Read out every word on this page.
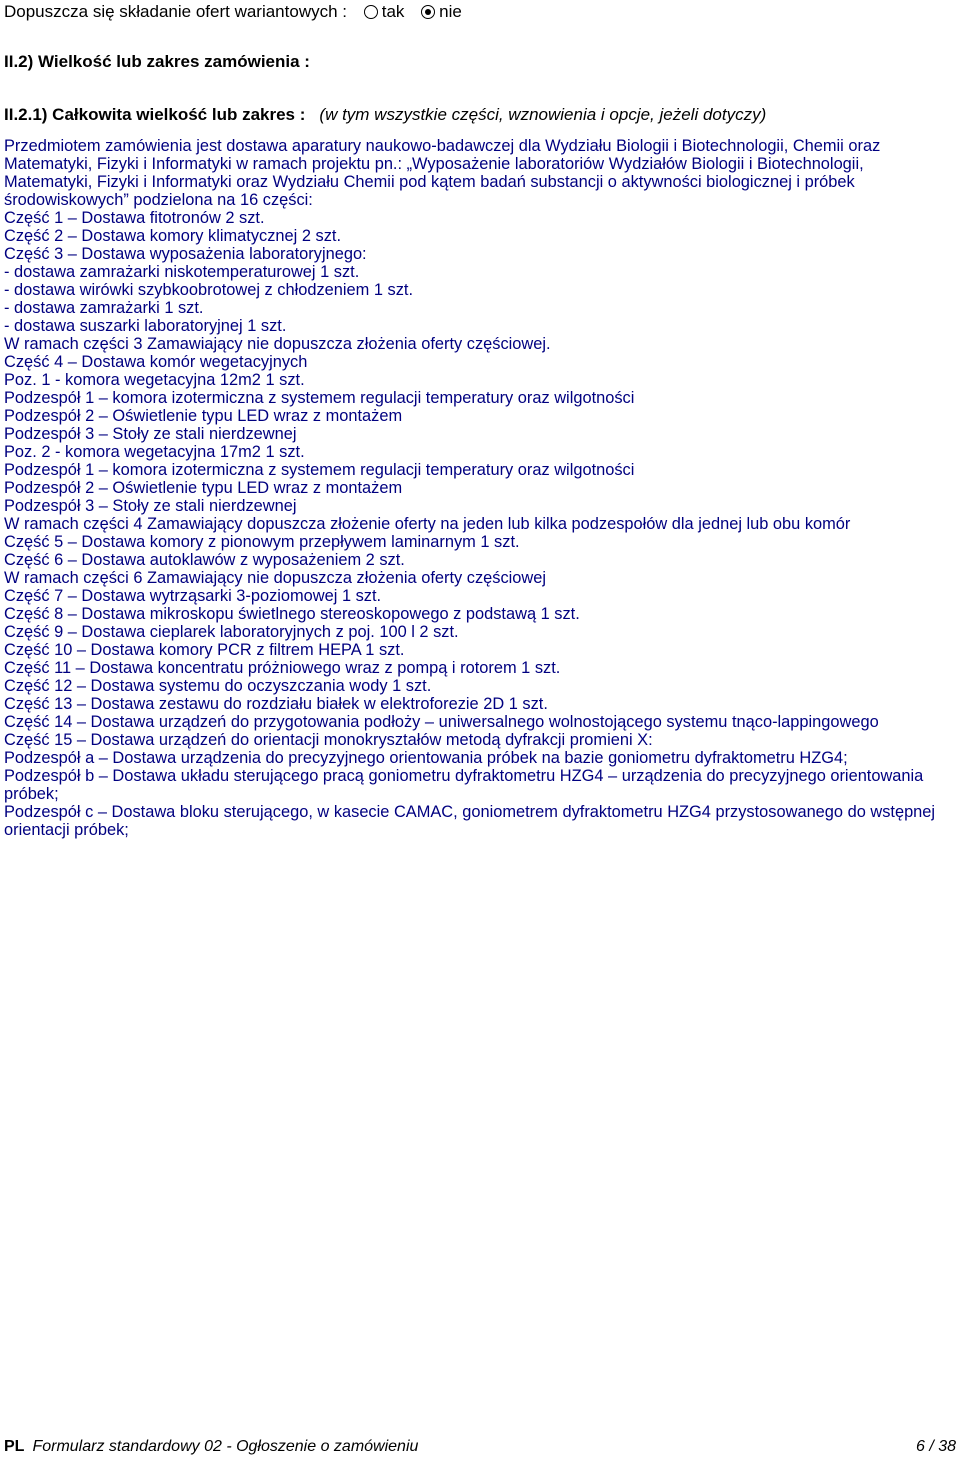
Dopuszcza się składanie ofert wariantowych : tak nie
II.2) Wielkość lub zakres zamówienia :
II.2.1) Całkowita wielkość lub zakres : (w tym wszystkie części, wznowienia i opcje, jeżeli dotyczy)

Przedmiotem zamówienia jest dostawa aparatury naukowo-badawczej dla Wydziału Biologii i Biotechnologii, Chemii oraz Matematyki, Fizyki i Informatyki w ramach projektu pn.: „Wyposażenie laboratoriów Wydziałów Biologii i Biotechnologii, Matematyki, Fizyki i Informatyki oraz Wydziału Chemii pod kątem badań substancji o aktywności biologicznej i próbek środowiskowych” podzielona na 16 części:

Część 1 – Dostawa fitotronów 2 szt.

Część 2 – Dostawa komory klimatycznej 2 szt.

Część 3 – Dostawa wyposażenia laboratoryjnego:

- dostawa zamrażarki niskotemperaturowej 1 szt.

- dostawa wirówki szybkoobrotowej z chłodzeniem 1 szt.

- dostawa zamrażarki 1 szt.

- dostawa suszarki laboratoryjnej 1 szt.

W ramach części 3 Zamawiający nie dopuszcza złożenia oferty częściowej.

Część 4 – Dostawa komór wegetacyjnych

Poz. 1 - komora wegetacyjna 12m2 1 szt.

Podzespół 1 – komora izotermiczna z systemem regulacji temperatury oraz wilgotności

Podzespół 2 – Oświetlenie typu LED wraz z montażem

Podzespół 3 – Stoły ze stali nierdzewnej

Poz. 2 - komora wegetacyjna 17m2 1 szt.

Podzespół 1 – komora izotermiczna z systemem regulacji temperatury oraz wilgotności

Podzespół 2 – Oświetlenie typu LED wraz z montażem

Podzespół 3 – Stoły ze stali nierdzewnej

W ramach części 4 Zamawiający dopuszcza złożenie oferty na jeden lub kilka podzespołów dla jednej lub obu komór

Część 5 – Dostawa komory z pionowym przepływem laminarnym 1 szt.

Część 6 – Dostawa autoklawów z wyposażeniem 2 szt.

W ramach części 6 Zamawiający nie dopuszcza złożenia oferty częściowej

Część 7 – Dostawa wytrząsarki 3-poziomowej 1 szt.

Część 8 – Dostawa mikroskopu świetlnego stereoskopowego z podstawą 1 szt.

Część 9 – Dostawa cieplarek laboratoryjnych z poj. 100 l 2 szt.

Część 10 – Dostawa komory PCR z filtrem HEPA 1 szt.

Część 11 – Dostawa koncentratu próżniowego wraz z pompą i rotorem 1 szt.

Część 12 – Dostawa systemu do oczyszczania wody 1 szt.

Część 13 – Dostawa zestawu do rozdziału białek w elektroforezie 2D 1 szt.

Część 14 – Dostawa urządzeń do przygotowania podłoży – uniwersalnego wolnostojącego systemu tnąco-lappingowego

Część 15 – Dostawa urządzeń do orientacji monokryształów metodą dyfrakcji promieni X:

Podzespół a – Dostawa urządzenia do precyzyjnego orientowania próbek na bazie goniometru dyfraktometru HZG4;

Podzespół b – Dostawa układu sterującego pracą goniometru dyfraktometru HZG4 – urządzenia do precyzyjnego orientowania próbek;

Podzespół c – Dostawa bloku sterującego, w kasecie CAMAC, goniometrem dyfraktometru HZG4 przystosowanego do wstępnej orientacji próbek;

PL Formularz standardowy 02 - Ogłoszenie o zamówieniu	6 / 38
